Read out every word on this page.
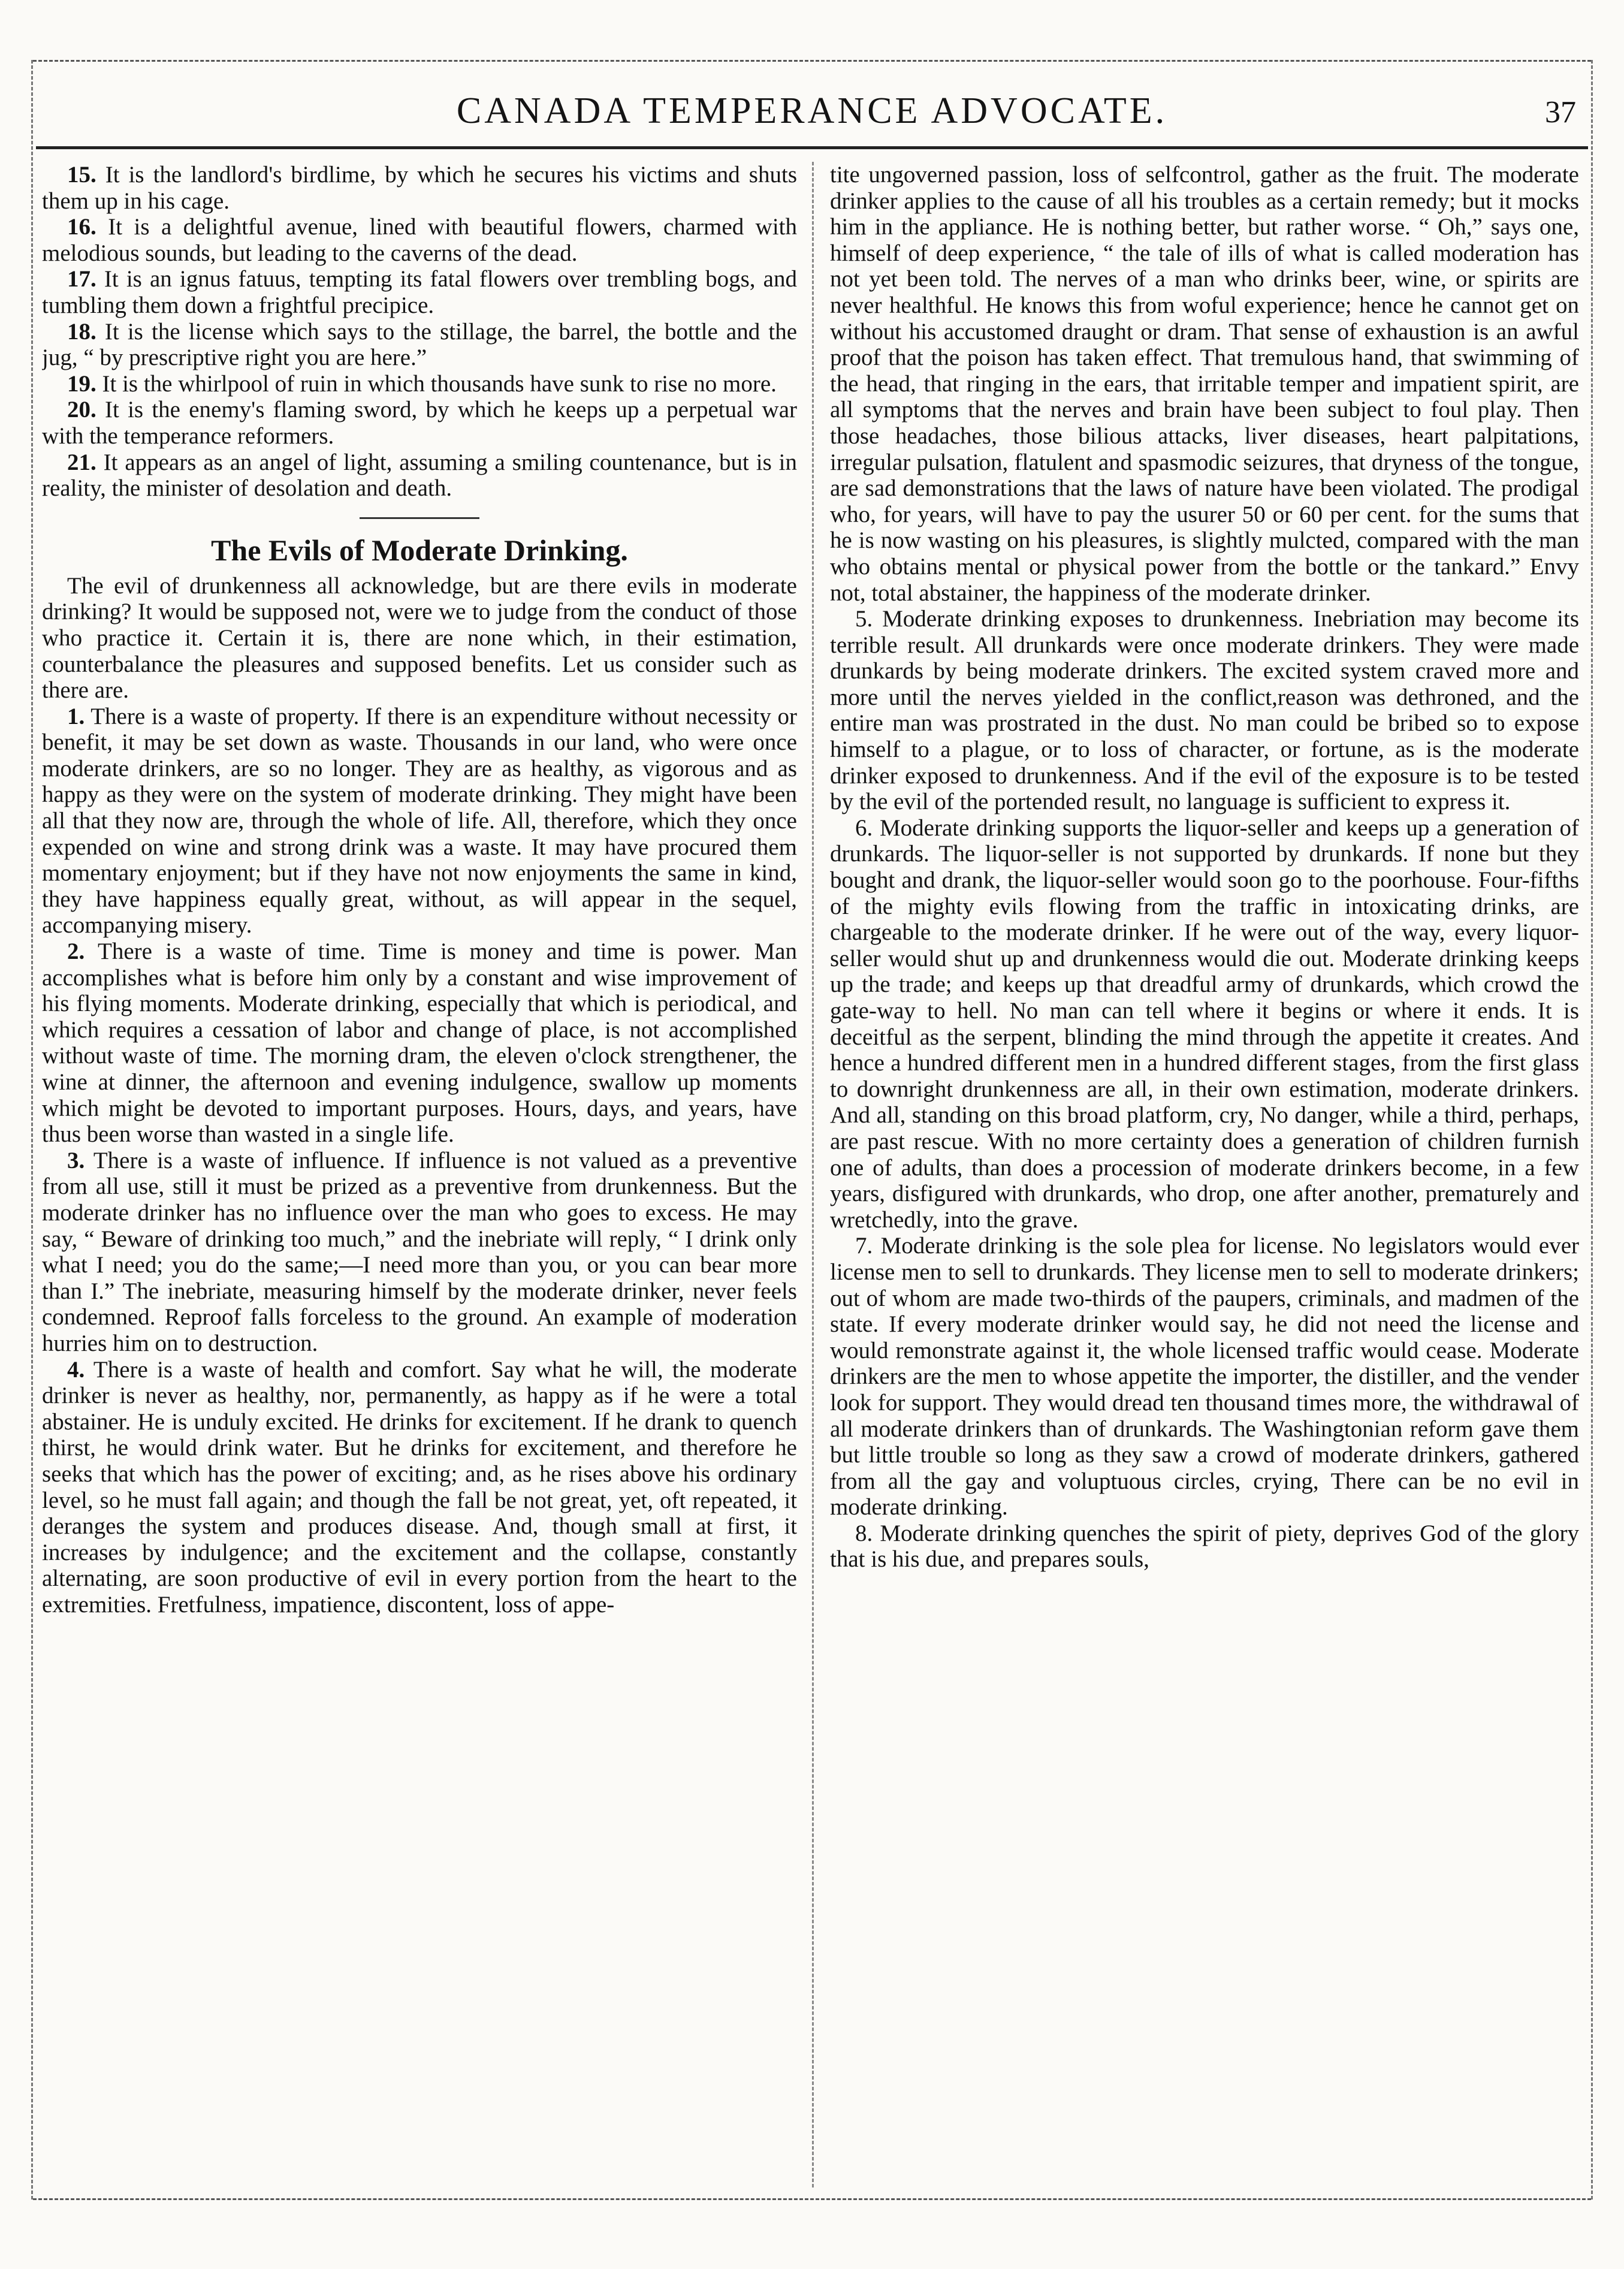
CANADA TEMPERANCE ADVOCATE.	37

15. It is the landlord's birdlime, by which he secures his victims and shuts them up in his cage.

16. It is a delightful avenue, lined with beautiful flowers, charmed with melodious sounds, but leading to the caverns of the dead.

17. It is an ignus fatuus, tempting its fatal flowers over trembling bogs, and tumbling them down a frightful precipice.

18. It is the license which says to the stillage, the barrel, the bottle and the jug, “ by prescriptive right you are here.”

19. It is the whirlpool of ruin in which thousands have sunk to rise no more.

20. It is the enemy's flaming sword, by which he keeps up a perpetual war with the temperance reformers.

21. It appears as an angel of light, assuming a smiling countenance, but is in reality, the minister of desolation and death.

The Evils of Moderate Drinking.

The evil of drunkenness all acknowledge, but are there evils in moderate drinking? It would be supposed not, were we to judge from the conduct of those who practice it. Certain it is, there are none which, in their estimation, counterbalance the pleasures and supposed benefits. Let us consider such as there are.

1. There is a waste of property. If there is an expenditure without necessity or benefit, it may be set down as waste. Thousands in our land, who were once moderate drinkers, are so no longer. They are as healthy, as vigorous and as happy as they were on the system of moderate drinking. They might have been all that they now are, through the whole of life. All, therefore, which they once expended on wine and strong drink was a waste. It may have procured them momentary enjoyment; but if they have not now enjoyments the same in kind, they have happiness equally great, without, as will appear in the sequel, accompanying misery.

2. There is a waste of time. Time is money and time is power. Man accomplishes what is before him only by a constant and wise improvement of his flying moments. Moderate drinking, especially that which is periodical, and which requires a cessation of labor and change of place, is not accomplished without waste of time. The morning dram, the eleven o'clock strengthener, the wine at dinner, the afternoon and evening indulgence, swallow up moments which might be devoted to important purposes. Hours, days, and years, have thus been worse than wasted in a single life.

3. There is a waste of influence. If influence is not valued as a preventive from all use, still it must be prized as a preventive from drunkenness. But the moderate drinker has no influence over the man who goes to excess. He may say, “ Beware of drinking too much,” and the inebriate will reply, “ I drink only what I need; you do the same;—I need more than you, or you can bear more than I.” The inebriate, measuring himself by the moderate drinker, never feels condemned. Reproof falls forceless to the ground. An example of moderation hurries him on to destruction.

4. There is a waste of health and comfort. Say what he will, the moderate drinker is never as healthy, nor, permanently, as happy as if he were a total abstainer. He is unduly excited. He drinks for excitement. If he drank to quench thirst, he would drink water. But he drinks for excitement, and therefore he seeks that which has the power of exciting; and, as he rises above his ordinary level, so he must fall again; and though the fall be not great, yet, oft repeated, it deranges the system and produces disease. And, though small at first, it increases by indulgence; and the excitement and the collapse, constantly alternating, are soon productive of evil in every portion from the heart to the extremities. Fretfulness, impatience, discontent, loss of appe-

tite ungoverned passion, loss of selfcontrol, gather as the fruit. The moderate drinker applies to the cause of all his troubles as a certain remedy; but it mocks him in the appliance. He is nothing better, but rather worse. “ Oh,” says one, himself of deep experience, “ the tale of ills of what is called moderation has not yet been told. The nerves of a man who drinks beer, wine, or spirits are never healthful. He knows this from woful experience; hence he cannot get on without his accustomed draught or dram. That sense of exhaustion is an awful proof that the poison has taken effect. That tremulous hand, that swimming of the head, that ringing in the ears, that irritable temper and impatient spirit, are all symptoms that the nerves and brain have been subject to foul play. Then those headaches, those bilious attacks, liver diseases, heart palpitations, irregular pulsation, flatulent and spasmodic seizures, that dryness of the tongue, are sad demonstrations that the laws of nature have been violated. The prodigal who, for years, will have to pay the usurer 50 or 60 per cent. for the sums that he is now wasting on his pleasures, is slightly mulcted, compared with the man who obtains mental or physical power from the bottle or the tankard.” Envy not, total abstainer, the happiness of the moderate drinker.

5. Moderate drinking exposes to drunkenness. Inebriation may become its terrible result. All drunkards were once moderate drinkers. They were made drunkards by being moderate drinkers. The excited system craved more and more until the nerves yielded in the conflict,reason was dethroned, and the entire man was prostrated in the dust. No man could be bribed so to expose himself to a plague, or to loss of character, or fortune, as is the moderate drinker exposed to drunkenness. And if the evil of the exposure is to be tested by the evil of the portended result, no language is sufficient to express it.

6. Moderate drinking supports the liquor-seller and keeps up a generation of drunkards. The liquor-seller is not supported by drunkards. If none but they bought and drank, the liquor-seller would soon go to the poorhouse. Four-fifths of the mighty evils flowing from the traffic in intoxicating drinks, are chargeable to the moderate drinker. If he were out of the way, every liquor-seller would shut up and drunkenness would die out. Moderate drinking keeps up the trade; and keeps up that dreadful army of drunkards, which crowd the gate-way to hell. No man can tell where it begins or where it ends. It is deceitful as the serpent, blinding the mind through the appetite it creates. And hence a hundred different men in a hundred different stages, from the first glass to downright drunkenness are all, in their own estimation, moderate drinkers. And all, standing on this broad platform, cry, No danger, while a third, perhaps, are past rescue. With no more certainty does a generation of children furnish one of adults, than does a procession of moderate drinkers become, in a few years, disfigured with drunkards, who drop, one after another, prematurely and wretchedly, into the grave.

7. Moderate drinking is the sole plea for license. No legislators would ever license men to sell to drunkards. They license men to sell to moderate drinkers; out of whom are made two-thirds of the paupers, criminals, and madmen of the state. If every moderate drinker would say, he did not need the license and would remonstrate against it, the whole licensed traffic would cease. Moderate drinkers are the men to whose appetite the importer, the distiller, and the vender look for support. They would dread ten thousand times more, the withdrawal of all moderate drinkers than of drunkards. The Washingtonian reform gave them but little trouble so long as they saw a crowd of moderate drinkers, gathered from all the gay and voluptuous circles, crying, There can be no evil in moderate drinking.

8. Moderate drinking quenches the spirit of piety, deprives God of the glory that is his due, and prepares souls,
